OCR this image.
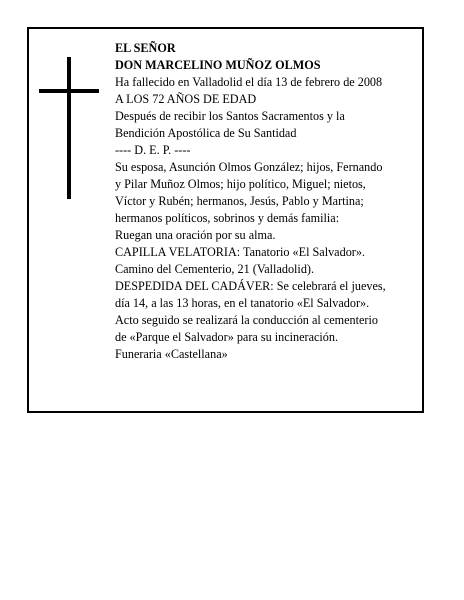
EL SEÑOR
DON MARCELINO MUÑOZ OLMOS
Ha fallecido en Valladolid el día 13 de febrero de 2008
A LOS 72 AÑOS DE EDAD
Después de recibir los Santos Sacramentos y la
Bendición Apostólica de Su Santidad
---- D. E. P. ----
Su esposa, Asunción Olmos González; hijos, Fernando
y Pilar Muñoz Olmos; hijo político, Miguel; nietos,
Víctor y Rubén; hermanos, Jesús, Pablo y Martina;
hermanos políticos, sobrinos y demás familia:
Ruegan una oración por su alma.
CAPILLA VELATORIA: Tanatorio «El Salvador».
Camino del Cementerio, 21 (Valladolid).
DESPEDIDA DEL CADÁVER: Se celebrará el jueves,
día 14, a las 13 horas, en el tanatorio «El Salvador».
Acto seguido se realizará la conducción al cementerio
de «Parque el Salvador» para su incineración.
Funeraria «Castellana»
